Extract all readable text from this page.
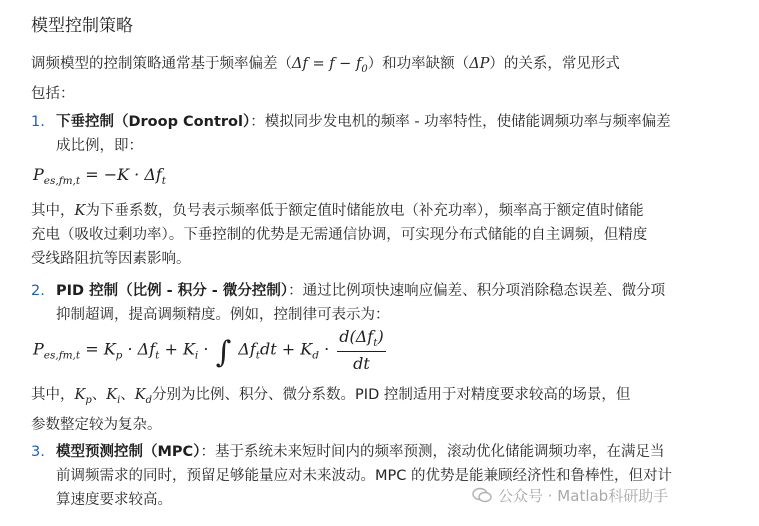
模型控制策略
调频模型的控制策略通常基于频率偏差$(\Delta f = f - f_0)$和功率缺额（ΔP）的关系，常见形式
包括：
1. 下垂控制（Droop Control）：模拟同步发电机的频率 - 功率特性，使储能调频功率与频率偏差
成比例，即：
$P_{es,fm,t} = -K \cdot \Delta f_t$
其中，K为下垂系数，负号表示频率低于额定值时储能放电（补充功率），频率高于额定值时储能
充电（吸收过剩功率）。下垂控制的优势是无需通信协调，可实现分布式储能的自主调频，但精度
受线路阻抗等因素影响。
2. PID 控制（比例 - 积分 - 微分控制）：通过比例项快速响应偏差、积分项消除稳态误差、微分项
抑制超调，提高调频精度。例如，控制律可表示为：
$P_{es,fm,t} = K_p \cdot \Delta f_t + K_i$ · ∫ $\Delta f_tdt + K_d \cdot \frac{d(\Delta f_t)}{dt}$
其中，$K_p$、$K_i$、$K_d$分别为比例、积分、微分系数。PID 控制适用于对精度要求较高的场景，但
参数整定较为复杂。
3. 模型预测控制（MPC）：基于系统未来短时间内的频率预测，滚动优化储能调频功率，在满足当
前调频需求的同时，预留足够能量应对未来波动。MPC 的优势是能兼顾经济性和鲁棒性，但对计
算速度要求较高。	公众号 · Matlab科研助手
